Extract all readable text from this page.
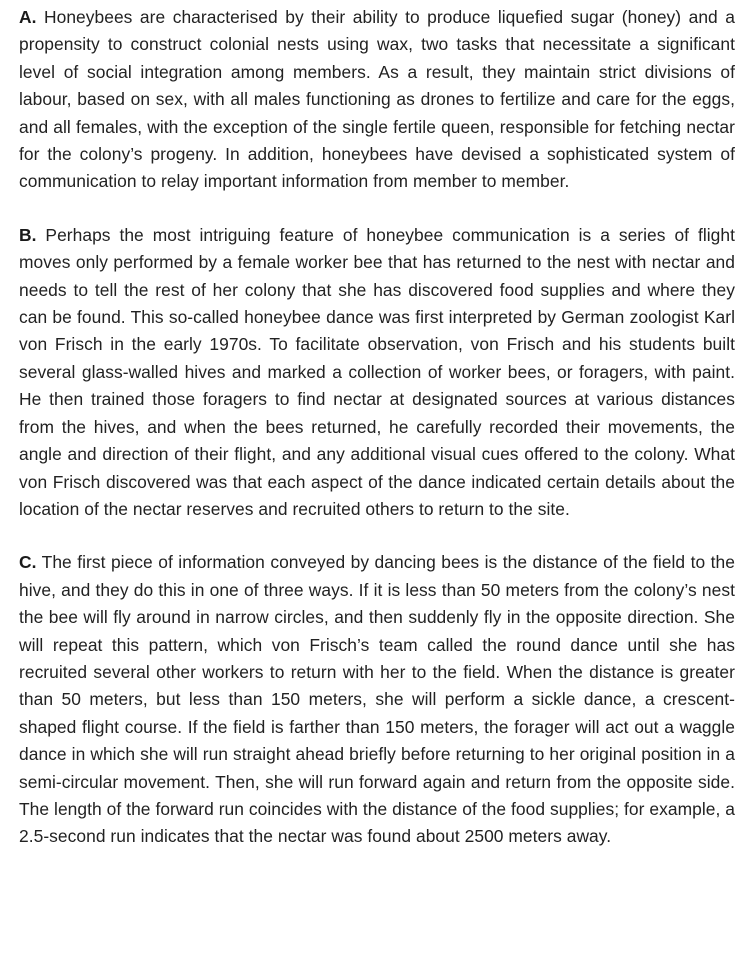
A. Honeybees are characterised by their ability to produce liquefied sugar (honey) and a propensity to construct colonial nests using wax, two tasks that necessitate a significant level of social integration among members. As a result, they maintain strict divisions of labour, based on sex, with all males functioning as drones to fertilize and care for the eggs, and all females, with the exception of the single fertile queen, responsible for fetching nectar for the colony’s progeny. In addition, honeybees have devised a sophisticated system of communication to relay important information from member to member.

B. Perhaps the most intriguing feature of honeybee communication is a series of flight moves only performed by a female worker bee that has returned to the nest with nectar and needs to tell the rest of her colony that she has discovered food supplies and where they can be found. This so-called honeybee dance was first interpreted by German zoologist Karl von Frisch in the early 1970s. To facilitate observation, von Frisch and his students built several glass-walled hives and marked a collection of worker bees, or foragers, with paint. He then trained those foragers to find nectar at designated sources at various distances from the hives, and when the bees returned, he carefully recorded their movements, the angle and direction of their flight, and any additional visual cues offered to the colony. What von Frisch discovered was that each aspect of the dance indicated certain details about the location of the nectar reserves and recruited others to return to the site.

C. The first piece of information conveyed by dancing bees is the distance of the field to the hive, and they do this in one of three ways. If it is less than 50 meters from the colony’s nest the bee will fly around in narrow circles, and then suddenly fly in the opposite direction. She will repeat this pattern, which von Frisch’s team called the round dance until she has recruited several other workers to return with her to the field. When the distance is greater than 50 meters, but less than 150 meters, she will perform a sickle dance, a crescent-shaped flight course. If the field is farther than 150 meters, the forager will act out a waggle dance in which she will run straight ahead briefly before returning to her original position in a semi-circular movement. Then, she will run forward again and return from the opposite side. The length of the forward run coincides with the distance of the food supplies; for example, a 2.5-second run indicates that the nectar was found about 2500 meters away.
